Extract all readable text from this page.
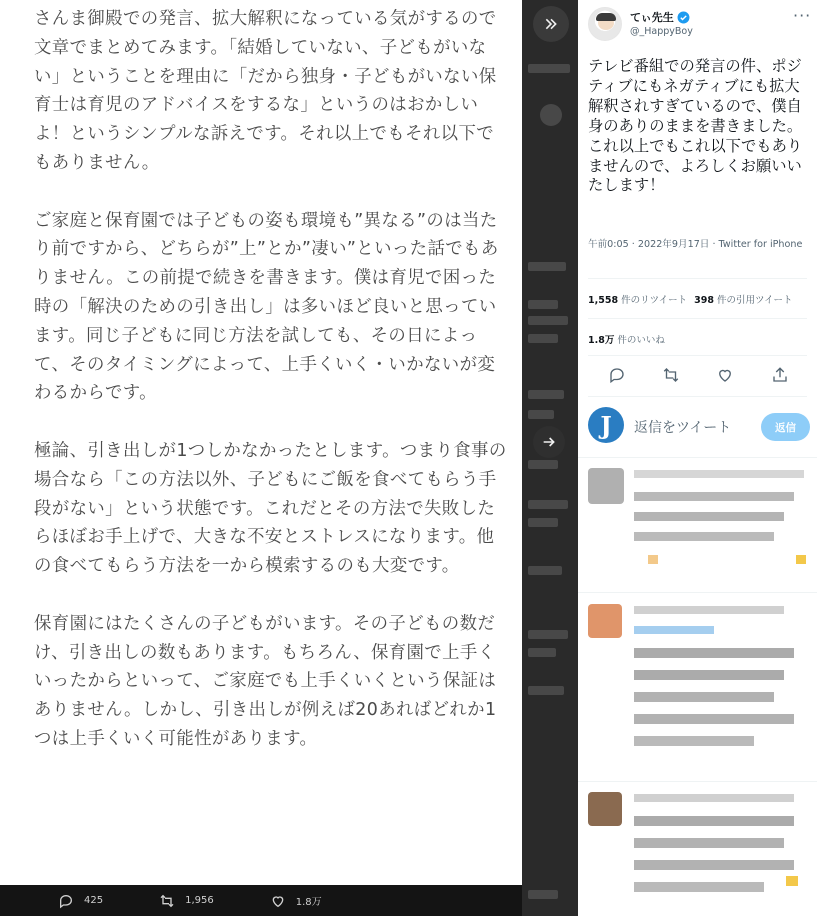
さんま御殿での発言、拡大解釈になっている気がするので文章でまとめてみます。「結婚していない、子どもがいない」ということを理由に「だから独身・子どもがいない保育士は育児のアドバイスをするな」というのはおかしいよ！というシンプルな訴えです。それ以上でもそれ以下でもありません。

ご家庭と保育園では子どもの姿も環境も”異なる”のは当たり前ですから、どちらが”上”とか”凄い”といった話でもありません。この前提で続きを書きます。僕は育児で困った時の「解決のための引き出し」は多いほど良いと思っています。同じ子どもに同じ方法を試しても、その日によって、そのタイミングによって、上手くいく・いかないが変わるからです。

極論、引き出しが1つしかなかったとします。つまり食事の場合なら「この方法以外、子どもにご飯を食べてもらう手段がない」という状態です。これだとその方法で失敗したらほぼお手上げで、大きな不安とストレスになります。他の食べてもらう方法を一から模索するのも大変です。

保育園にはたくさんの子どもがいます。その子どもの数だけ、引き出しの数もあります。もちろん、保育園で上手くいったからといって、ご家庭でも上手くいくという保証はありません。しかし、引き出しが例えば20あればどれか1つは上手くいく可能性があります。

425	1,956	1.8万
てぃ先生
@_HappyBoy
···
テレビ番組での発言の件、ポジティブにもネガティブにも拡大解釈されすぎているので、僕自身のありのままを書きました。これ以上でもこれ以下でもありませんので、よろしくお願いいたします！
午前0:05 · 2022年9月17日 · Twitter for iPhone
1,558 件のリツイート 398 件の引用ツイート
1.8万 件のいいね
J	返信をツイート	返信
